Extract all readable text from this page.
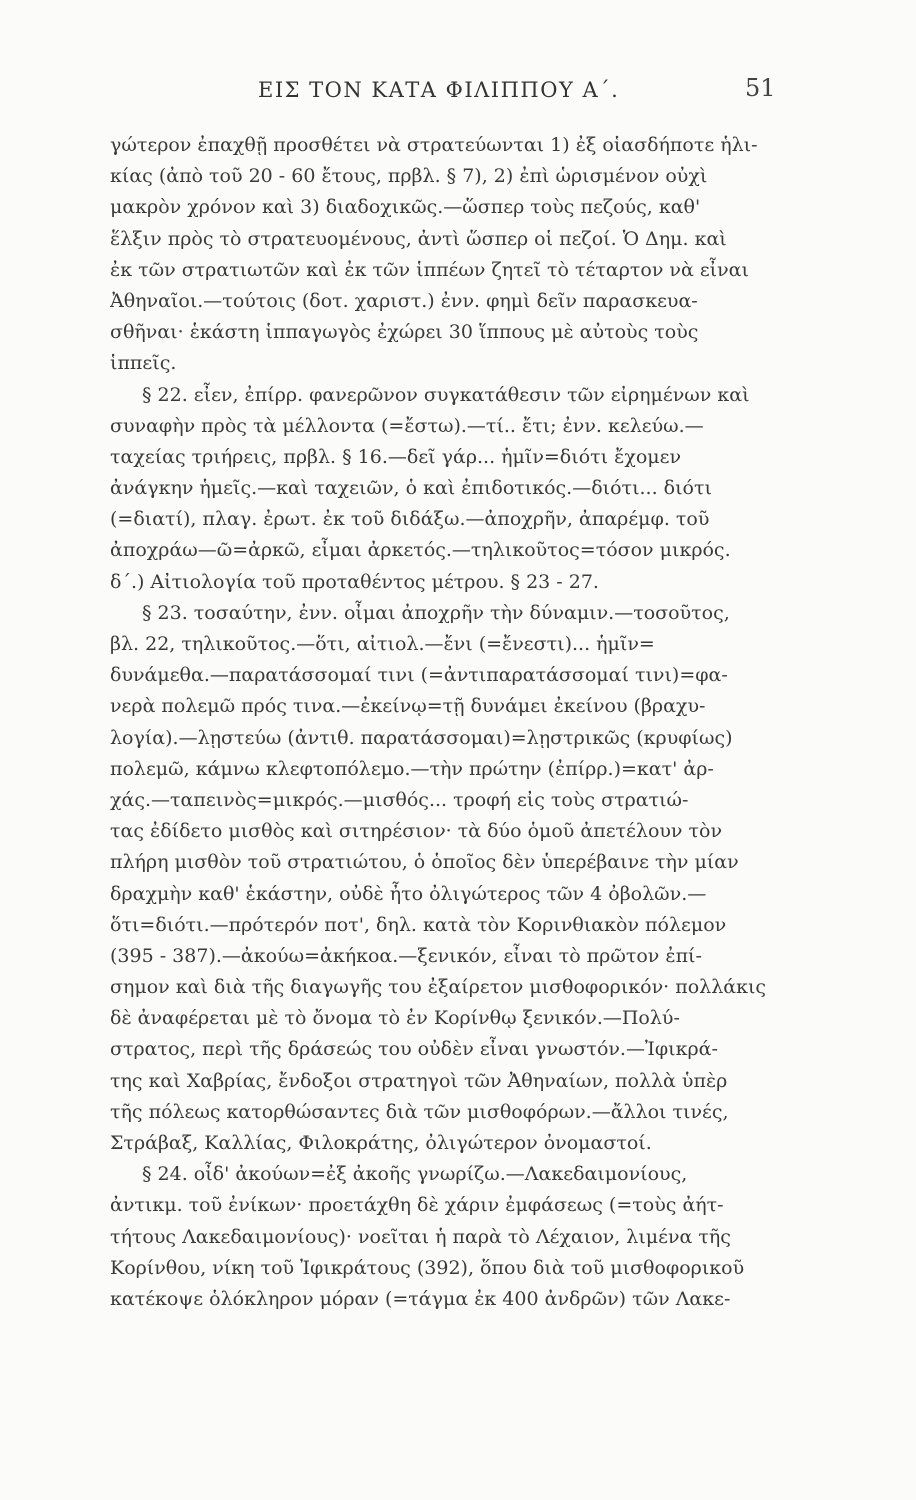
ΕΙΣ ΤΟΝ ΚΑΤΑ ΦΙΛΙΠΠΟΥ Α΄.	51
γώτερον ἐπαχθῇ προσθέτει νὰ στρατεύωνται 1) ἐξ οἱασδήποτε ἡλι-
κίας (ἀπὸ τοῦ 20 - 60 ἔτους, πρβλ. § 7), 2) ἐπὶ ὡρισμένον οὐχὶ
μακρὸν χρόνον καὶ 3) διαδοχικῶς.—ὥσπερ τοὺς πεζούς, καθ'
ἕλξιν πρὸς τὸ στρατευομένους, ἀντὶ ὥσπερ οἱ πεζοί. Ὁ Δημ. καὶ
ἐκ τῶν στρατιωτῶν καὶ ἐκ τῶν ἱππέων ζητεῖ τὸ τέταρτον νὰ εἶναι
Ἀθηναῖοι.—τούτοις (δοτ. χαριστ.) ἐνν. φημὶ δεῖν παρασκευα-
σθῆναι· ἑκάστη ἱππαγωγὸς ἐχώρει 30 ἵππους μὲ αὐτοὺς τοὺς
ἱππεῖς.
§ 22. εἶεν, ἐπίρρ. φανερῶνον συγκατάθεσιν τῶν εἰρημένων καὶ
συναφὴν πρὸς τὰ μέλλοντα (=ἔστω).—τί.. ἔτι; ἐνν. κελεύω.—
ταχείας τριήρεις, πρβλ. § 16.—δεῖ γάρ... ἡμῖν=διότι ἔχομεν
ἀνάγκην ἡμεῖς.—καὶ ταχειῶν, ὁ καὶ ἐπιδοτικός.—διότι... διότι
(=διατί), πλαγ. ἐρωτ. ἐκ τοῦ διδάξω.—ἀποχρῆν, ἀπαρέμφ. τοῦ
ἀποχράω—ῶ=ἀρκῶ, εἶμαι ἀρκετός.—τηλικοῦτος=τόσον μικρός.
δ΄.) Αἰτιολογία τοῦ προταθέντος μέτρου. § 23 - 27.
§ 23. τοσαύτην, ἐνν. οἶμαι ἀποχρῆν τὴν δύναμιν.—τοσοῦτος,
βλ. 22, τηλικοῦτος.—ὅτι, αἰτιολ.—ἔνι (=ἔνεστι)... ἡμῖν=
δυνάμεθα.—παρατάσσομαί τινι (=ἀντιπαρατάσσομαί τινι)=φα-
νερὰ πολεμῶ πρός τινα.—ἐκείνῳ=τῇ δυνάμει ἐκείνου (βραχυ-
λογία).—λῃστεύω (ἀντιθ. παρατάσσομαι)=λῃστρικῶς (κρυφίως)
πολεμῶ, κάμνω κλεφτοπόλεμο.—τὴν πρώτην (ἐπίρρ.)=κατ' ἀρ-
χάς.—ταπεινὸς=μικρός.—μισθός... τροφή εἰς τοὺς στρατιώ-
τας ἐδίδετο μισθὸς καὶ σιτηρέσιον· τὰ δύο ὁμοῦ ἀπετέλουν τὸν
πλήρη μισθὸν τοῦ στρατιώτου, ὁ ὁποῖος δὲν ὑπερέβαινε τὴν μίαν
δραχμὴν καθ' ἑκάστην, οὐδὲ ἦτο ὀλιγώτερος τῶν 4 ὀβολῶν.—
ὅτι=διότι.—πρότερόν ποτ', δηλ. κατὰ τὸν Κορινθιακὸν πόλεμον
(395 - 387).—ἀκούω=ἀκήκοα.—ξενικόν, εἶναι τὸ πρῶτον ἐπί-
σημον καὶ διὰ τῆς διαγωγῆς του ἐξαίρετον μισθοφορικόν· πολλάκις
δὲ ἀναφέρεται μὲ τὸ ὄνομα τὸ ἐν Κορίνθῳ ξενικόν.—Πολύ-
στρατος, περὶ τῆς δράσεώς του οὐδὲν εἶναι γνωστόν.—Ἰφικρά-
της καὶ Χαβρίας, ἔνδοξοι στρατηγοὶ τῶν Ἀθηναίων, πολλὰ ὑπὲρ
τῆς πόλεως κατορθώσαντες διὰ τῶν μισθοφόρων.—ἄλλοι τινές,
Στράβαξ, Καλλίας, Φιλοκράτης, ὀλιγώτερον ὀνομαστοί.
§ 24. οἶδ' ἀκούων=ἐξ ἀκοῆς γνωρίζω.—Λακεδαιμονίους,
ἀντικμ. τοῦ ἐνίκων· προετάχθη δὲ χάριν ἐμφάσεως (=τοὺς ἀήτ-
τήτους Λακεδαιμονίους)· νοεῖται ἡ παρὰ τὸ Λέχαιον, λιμένα τῆς
Κορίνθου, νίκη τοῦ Ἰφικράτους (392), ὅπου διὰ τοῦ μισθοφορικοῦ
κατέκοψε ὁλόκληρον μόραν (=τάγμα ἐκ 400 ἀνδρῶν) τῶν Λακε-
